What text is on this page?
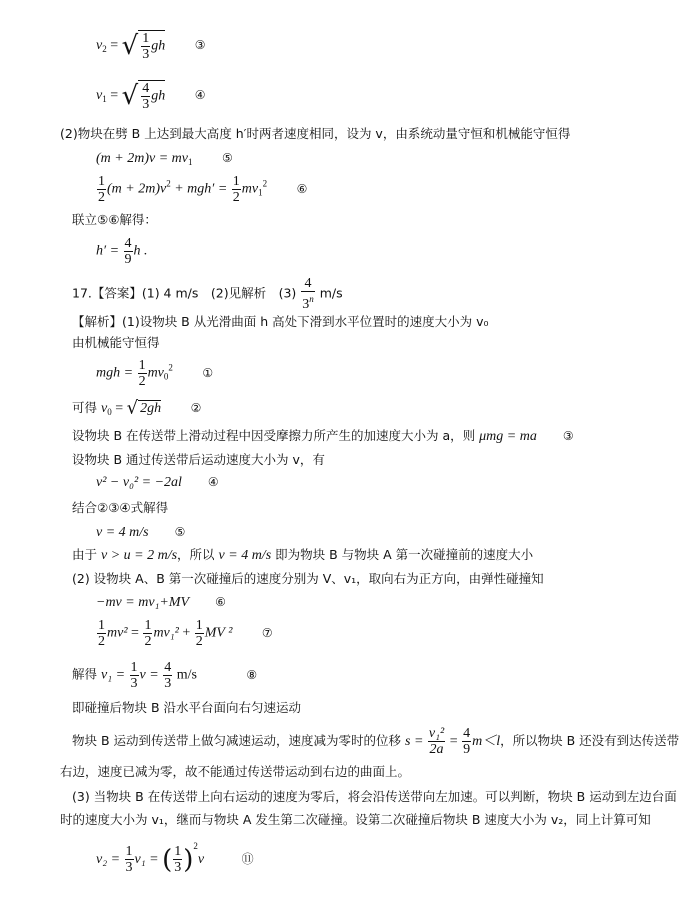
$v_2$ = √ $\frac{1}{3}$ gh ③
$v_1$ = √ $\frac{4}{3}$ gh ④
(2)物块在劈 B 上达到最大高度 h′时两者速度相同，设为 v，由系统动量守恒和机械能守恒得
$(m + 2m)v = mv_1$ ⑤
$\frac{1}{2} (m + 2m)v^2 + mgh' = \frac{1}{2} mv_1^2$ ⑥
联立⑤⑥解得：
$h' = \frac{4}{9}$ h .
17.【答案】(1) 4 m/s　(2)见解析　$(3) \frac{4}{3^n} m/s$
【解析】(1)设物块 B 从光滑曲面 h 高处下滑到水平位置时的速度大小为 v₀
由机械能守恒得
mgh = $\frac{1}{2} mv_0^2$ ①
可得 $v_0$ = √ 2gh ②
设物块 B 在传送带上滑动过程中因受摩擦力所产生的加速度大小为 a，则 μmg = ma ③
设物块 B 通过传送带后运动速度大小为 v，有
v² − v₀² = −2al ④
结合②③④式解得
v = 4 m/s ⑤
由于 v > u = 2 m/s，所以 v = 4 m/s 即为物块 B 与物块 A 第一次碰撞前的速度大小
(2) 设物块 A、B 第一次碰撞后的速度分别为 V、v₁，取向右为正方向，由弹性碰撞知
−mv = mv₁+MV ⑥
$\frac{1}{2} mv^2 = \frac{1}{2} mv_1^2 + \frac{1}{2}$ MV ² ⑦
解得 $v_1 = \frac{1}{3}$ $v = \frac{4}{3} m/s$	⑧
即碰撞后物块 B 沿水平台面向右匀速运动
物块 B 运动到传送带上做匀减速运动，速度减为零时的位移 $s = \frac{\text{v₁²}}{2a} = \frac{4}{9} m<l$，所以物块 B 还没有到达传送带
右边，速度已减为零，故不能通过传送带运动到右边的曲面上。
(3) 当物块 B 在传送带上向右运动的速度为零后，将会沿传送带向左加速。可以判断，物块 B 运动到左边台面
时的速度大小为 v₁，继而与物块 A 发生第二次碰撞。设第二次碰撞后物块 B 速度大小为 v₂，同上计算可知
$v_2 = \frac{1}{3} v_1$ = ( $\frac{1}{3} )^2v$	⑪
